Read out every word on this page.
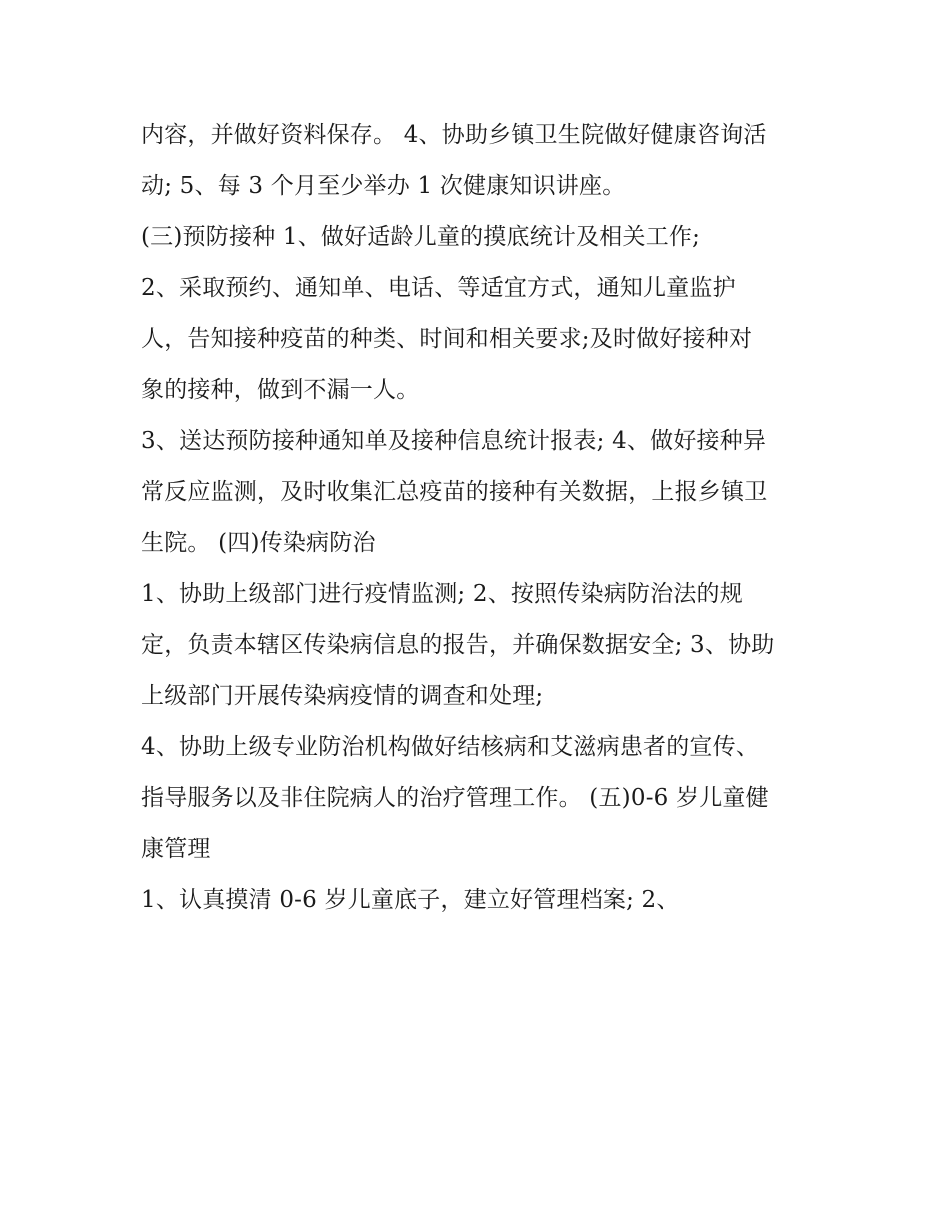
内容，并做好资料保存。 4、协助乡镇卫生院做好健康咨询活
动; 5、每 3 个月至少举办 1 次健康知识讲座。
(三)预防接种 1、做好适龄儿童的摸底统计及相关工作;
2、采取预约、通知单、电话、等适宜方式，通知儿童监护
人，告知接种疫苗的种类、时间和相关要求;及时做好接种对
象的接种，做到不漏一人。
3、送达预防接种通知单及接种信息统计报表; 4、做好接种异
常反应监测，及时收集汇总疫苗的接种有关数据，上报乡镇卫
生院。 (四)传染病防治
1、协助上级部门进行疫情监测; 2、按照传染病防治法的规
定，负责本辖区传染病信息的报告，并确保数据安全; 3、协助
上级部门开展传染病疫情的调查和处理;
4、协助上级专业防治机构做好结核病和艾滋病患者的宣传、
指导服务以及非住院病人的治疗管理工作。 (五)0-6 岁儿童健
康管理
1、认真摸清 0-6 岁儿童底子，建立好管理档案; 2、
